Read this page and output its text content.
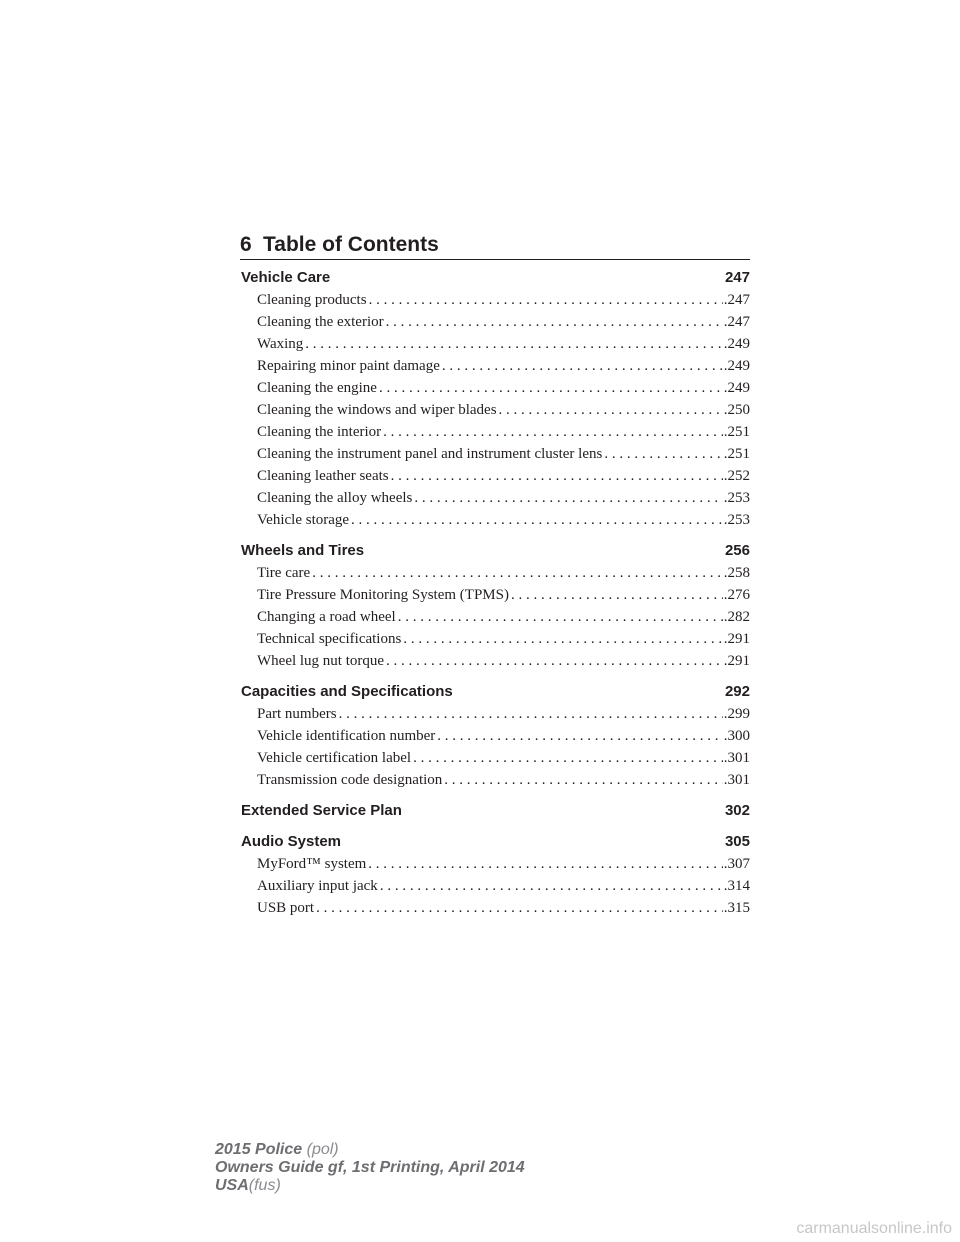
6 Table of Contents
Vehicle Care	247
Cleaning products . . .	.247
Cleaning the exterior . . .	.247
Waxing . . .	.249
Repairing minor paint damage . . .	.249
Cleaning the engine . . .	.249
Cleaning the windows and wiper blades . . .	.250
Cleaning the interior . . .	.251
Cleaning the instrument panel and instrument cluster lens . . .	.251
Cleaning leather seats . . .	.252
Cleaning the alloy wheels . . .	.253
Vehicle storage . . .	.253
Wheels and Tires	256
Tire care . . .	.258
Tire Pressure Monitoring System (TPMS) . . .	.276
Changing a road wheel . . .	.282
Technical specifications . . .	.291
Wheel lug nut torque . . .	.291
Capacities and Specifications	292
Part numbers . . .	.299
Vehicle identification number . . .	.300
Vehicle certification label . . .	.301
Transmission code designation . . .	.301
Extended Service Plan	302
Audio System	305
MyFord™ system . . .	.307
Auxiliary input jack . . .	.314
USB port . . .	.315
2015 Police (pol)
Owners Guide gf, 1st Printing, April 2014
USA(fus)
carmanualsonline.info
